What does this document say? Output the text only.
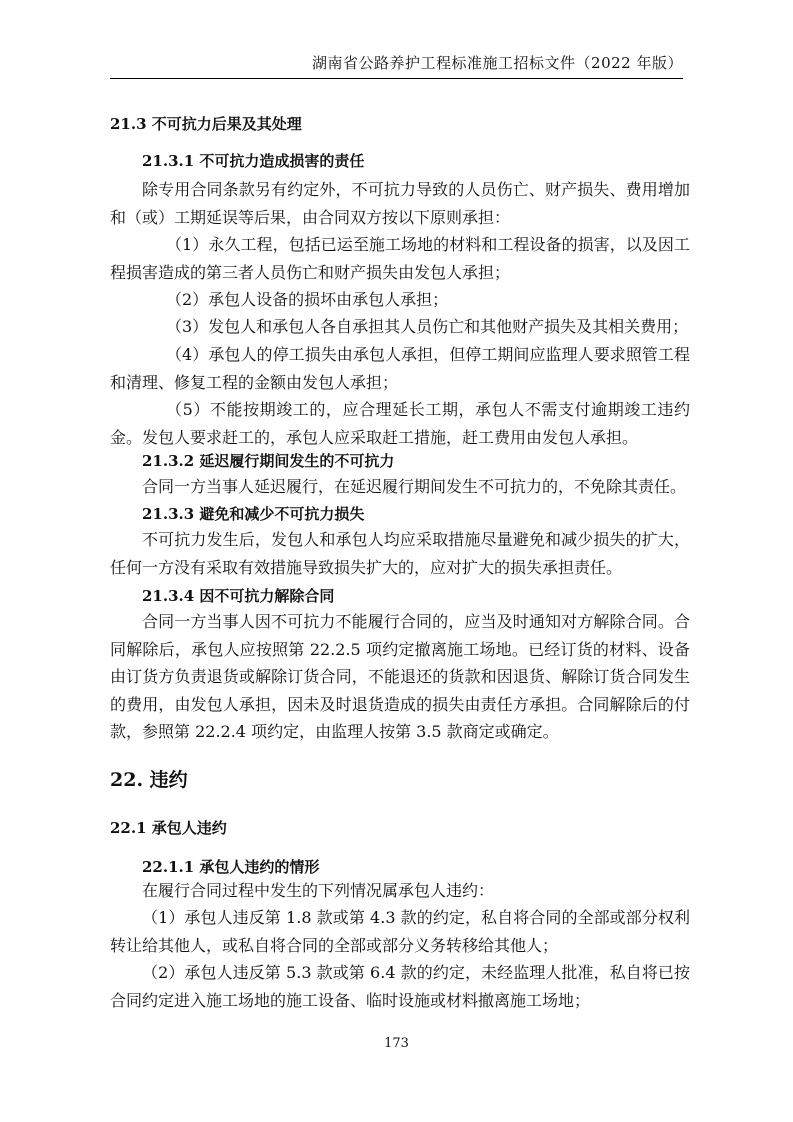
湖南省公路养护工程标准施工招标文件（2022 年版）
21.3 不可抗力后果及其处理
21.3.1 不可抗力造成损害的责任

除专用合同条款另有约定外，不可抗力导致的人员伤亡、财产损失、费用增加和（或）工期延误等后果，由合同双方按以下原则承担：

（1）永久工程，包括已运至施工场地的材料和工程设备的损害，以及因工程损害造成的第三者人员伤亡和财产损失由发包人承担；

（2）承包人设备的损坏由承包人承担；

（3）发包人和承包人各自承担其人员伤亡和其他财产损失及其相关费用；

（4）承包人的停工损失由承包人承担，但停工期间应监理人要求照管工程和清理、修复工程的金额由发包人承担；

（5）不能按期竣工的，应合理延长工期，承包人不需支付逾期竣工违约金。发包人要求赶工的，承包人应采取赶工措施，赶工费用由发包人承担。

21.3.2 延迟履行期间发生的不可抗力

合同一方当事人延迟履行，在延迟履行期间发生不可抗力的，不免除其责任。

21.3.3 避免和减少不可抗力损失

不可抗力发生后，发包人和承包人均应采取措施尽量避免和减少损失的扩大，任何一方没有采取有效措施导致损失扩大的，应对扩大的损失承担责任。

21.3.4 因不可抗力解除合同

合同一方当事人因不可抗力不能履行合同的，应当及时通知对方解除合同。合同解除后，承包人应按照第 22.2.5 项约定撤离施工场地。已经订货的材料、设备由订货方负责退货或解除订货合同，不能退还的货款和因退货、解除订货合同发生的费用，由发包人承担，因未及时退货造成的损失由责任方承担。合同解除后的付款，参照第 22.2.4 项约定，由监理人按第 3.5 款商定或确定。

22. 违约
22.1 承包人违约
22.1.1 承包人违约的情形

在履行合同过程中发生的下列情况属承包人违约：

（1）承包人违反第 1.8 款或第 4.3 款的约定，私自将合同的全部或部分权利转让给其他人，或私自将合同的全部或部分义务转移给其他人；

（2）承包人违反第 5.3 款或第 6.4 款的约定，未经监理人批准，私自将已按合同约定进入施工场地的施工设备、临时设施或材料撤离施工场地；

173
